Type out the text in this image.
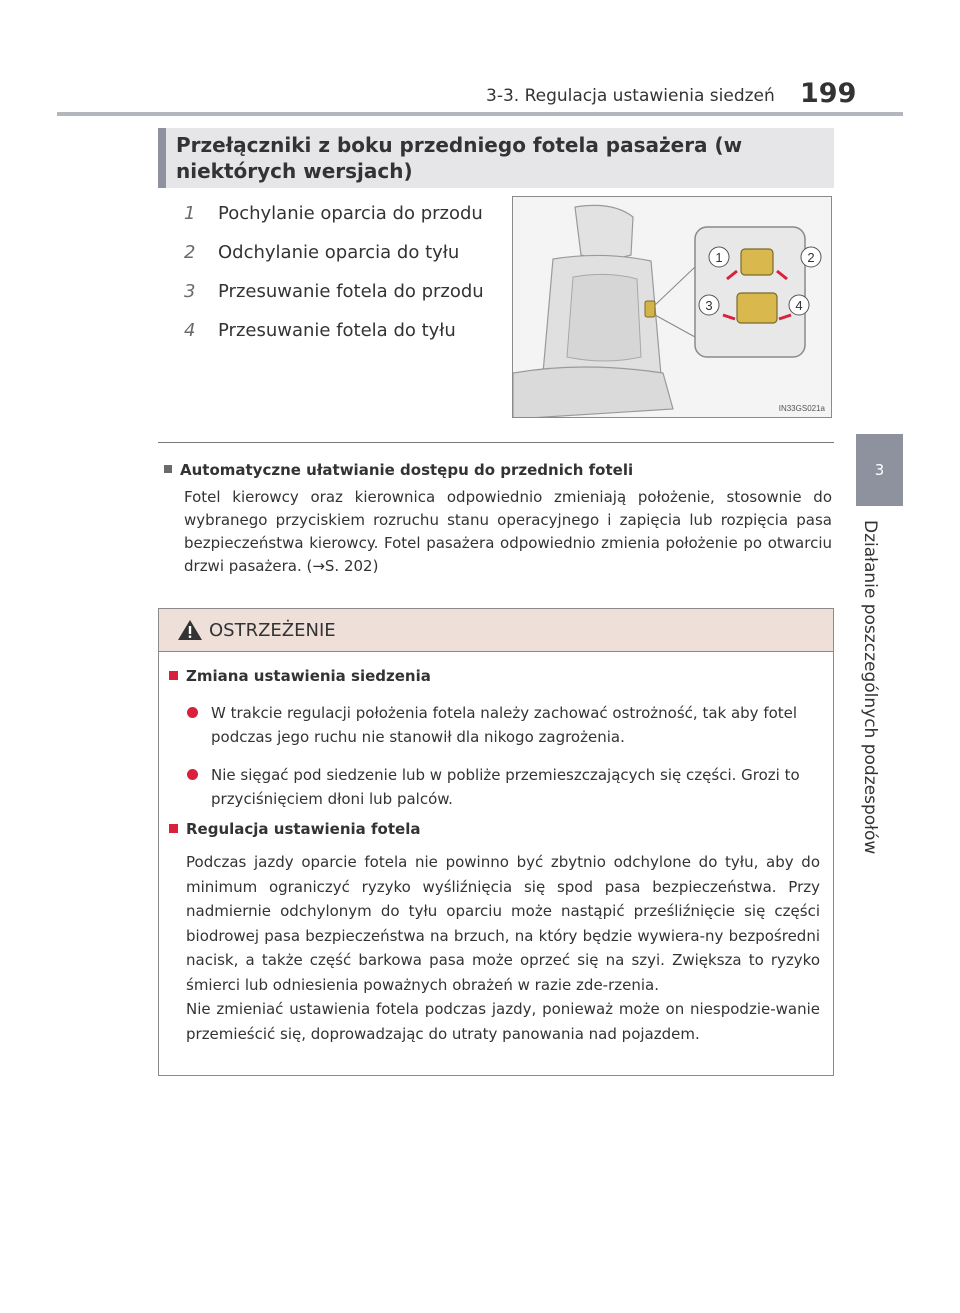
3-3. Regulacja ustawienia siedzeń 199
3
Działanie poszczególnych podzespołów
Przełączniki z boku przedniego fotela pasażera (w niektórych wersjach)
1	Pochylanie oparcia do przodu
2	Odchylanie oparcia do tyłu
3	Przesuwanie fotela do przodu
4	Przesuwanie fotela do tyłu
1	2
3	4
IN33GS021a
Automatyczne ułatwianie dostępu do przednich foteli
Fotel kierowcy oraz kierownica odpowiednio zmieniają położenie, stosownie do wybranego przyciskiem rozruchu stanu operacyjnego i zapięcia lub rozpięcia pasa bezpieczeństwa kierowcy. Fotel pasażera odpowiednio zmienia położenie po otwarciu drzwi pasażera. (→S. 202)
OSTRZEŻENIE
Zmiana ustawienia siedzenia
W trakcie regulacji położenia fotela należy zachować ostrożność, tak aby fotel podczas jego ruchu nie stanowił dla nikogo zagrożenia.
Nie sięgać pod siedzenie lub w pobliże przemieszczających się części. Grozi to przyciśnięciem dłoni lub palców.
Regulacja ustawienia fotela

Podczas jazdy oparcie fotela nie powinno być zbytnio odchylone do tyłu, aby do minimum ograniczyć ryzyko wyśliźnięcia się spod pasa bezpieczeństwa. Przy nadmiernie odchylonym do tyłu oparciu może nastąpić prześliźnięcie się części biodrowej pasa bezpieczeństwa na brzuch, na który będzie wywiera-ny bezpośredni nacisk, a także część barkowa pasa może oprzeć się na szyi. Zwiększa to ryzyko śmierci lub odniesienia poważnych obrażeń w razie zde-rzenia.

Nie zmieniać ustawienia fotela podczas jazdy, ponieważ może on niespodzie-wanie przemieścić się, doprowadzając do utraty panowania nad pojazdem.
